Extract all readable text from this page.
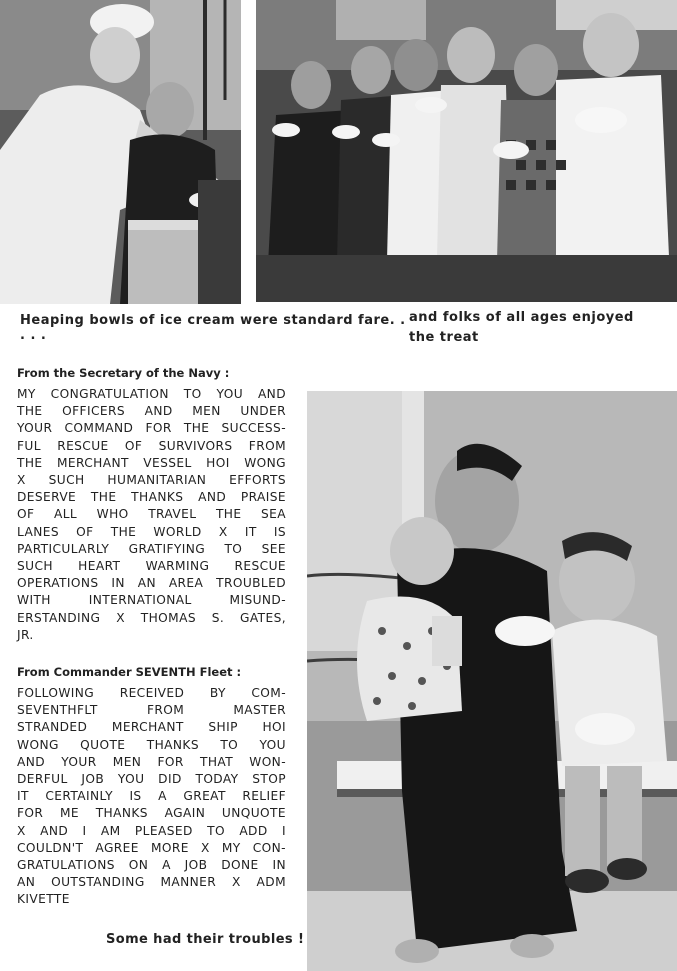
Heaping bowls of ice cream were standard fare. . . . .
and folks of all ages enjoyed the treat
From the Secretary of the Navy :
MY CONGRATULATION TO YOU AND
THE OFFICERS AND MEN UNDER
YOUR COMMAND FOR THE SUCCESS-
FUL RESCUE OF SURVIVORS FROM
THE MERCHANT VESSEL HOI WONG
X SUCH HUMANITARIAN EFFORTS
DESERVE THE THANKS AND PRAISE
OF ALL WHO TRAVEL THE SEA
LANES OF THE WORLD X IT IS
PARTICULARLY GRATIFYING TO SEE
SUCH HEART WARMING RESCUE
OPERATIONS IN AN AREA TROUBLED
WITH INTERNATIONAL MISUND-
ERSTANDING X THOMAS S. GATES,
JR.
From Commander SEVENTH Fleet :
FOLLOWING RECEIVED BY COM-
SEVENTHFLT FROM MASTER
STRANDED MERCHANT SHIP HOI
WONG QUOTE THANKS TO YOU
AND YOUR MEN FOR THAT WON-
DERFUL JOB YOU DID TODAY STOP
IT CERTAINLY IS A GREAT RELIEF
FOR ME THANKS AGAIN UNQUOTE
X AND I AM PLEASED TO ADD I
COULDN'T AGREE MORE X MY CON-
GRATULATIONS ON A JOB DONE IN
AN OUTSTANDING MANNER X ADM
KIVETTE
Some had their troubles !
